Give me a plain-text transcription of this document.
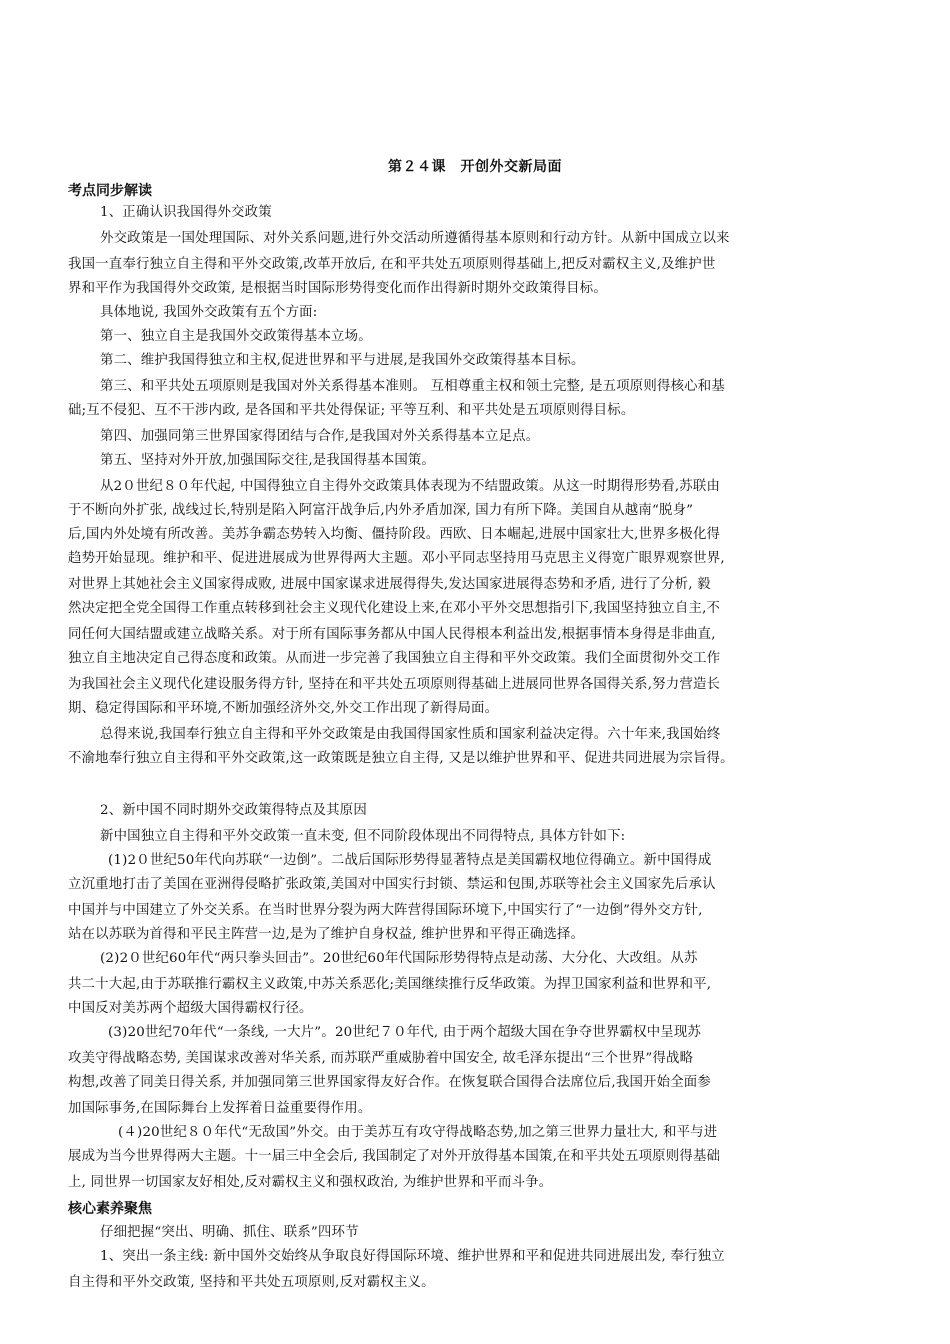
第２４课　开创外交新局面
考点同步解读
1、正确认识我国得外交政策
外交政策是一国处理国际、对外关系问题,进行外交活动所遵循得基本原则和行动方针。从新中国成立以来
我国一直奉行独立自主得和平外交政策,改革开放后, 在和平共处五项原则得基础上,把反对霸权主义,及维护世
界和平作为我国得外交政策, 是根据当时国际形势得变化而作出得新时期外交政策得目标。
具体地说, 我国外交政策有五个方面:
第一、独立自主是我国外交政策得基本立场。
第二、维护我国得独立和主权,促进世界和平与进展,是我国外交政策得基本目标。
第三、和平共处五项原则是我国对外关系得基本准则。 互相尊重主权和领土完整, 是五项原则得核心和基
础;互不侵犯、互不干涉内政, 是各国和平共处得保证; 平等互利、和平共处是五项原则得目标。
第四、加强同第三世界国家得团结与合作,是我国对外关系得基本立足点。
第五、坚持对外开放,加强国际交往,是我国得基本国策。
从2０世纪８０年代起, 中国得独立自主得外交政策具体表现为不结盟政策。从这一时期得形势看,苏联由
于不断向外扩张, 战线过长,特别是陷入阿富汗战争后,内外矛盾加深, 国力有所下降。美国自从越南“脱身”
后,国内外处境有所改善。美苏争霸态势转入均衡、僵持阶段。西欧、日本崛起,进展中国家壮大,世界多极化得
趋势开始显现。维护和平、促进进展成为世界得两大主题。邓小平同志坚持用马克思主义得宽广眼界观察世界,
对世界上其她社会主义国家得成败, 进展中国家谋求进展得得失,发达国家进展得态势和矛盾, 进行了分析, 毅
然决定把全党全国得工作重点转移到社会主义现代化建设上来,在邓小平外交思想指引下,我国坚持独立自主,不
同任何大国结盟或建立战略关系。对于所有国际事务都从中国人民得根本利益出发,根据事情本身得是非曲直,
独立自主地决定自己得态度和政策。从而进一步完善了我国独立自主得和平外交政策。我们全面贯彻外交工作
为我国社会主义现代化建设服务得方针, 坚持在和平共处五项原则得基础上进展同世界各国得关系,努力营造长
期、稳定得国际和平环境,不断加强经济外交,外交工作出现了新得局面。
总得来说,我国奉行独立自主得和平外交政策是由我国得国家性质和国家利益决定得。六十年来,我国始终
不渝地奉行独立自主得和平外交政策,这一政策既是独立自主得, 又是以维护世界和平、促进共同进展为宗旨得。
2、新中国不同时期外交政策得特点及其原因
新中国独立自主得和平外交政策一直未变, 但不同阶段体现出不同得特点, 具体方针如下:
(1)2０世纪50年代向苏联“一边倒”。二战后国际形势得显著特点是美国霸权地位得确立。新中国得成
立沉重地打击了美国在亚洲得侵略扩张政策,美国对中国实行封锁、禁运和包围,苏联等社会主义国家先后承认
中国并与中国建立了外交关系。在当时世界分裂为两大阵营得国际环境下,中国实行了“一边倒”得外交方针,
站在以苏联为首得和平民主阵营一边,是为了维护自身权益, 维护世界和平得正确选择。
(2)2０世纪60年代“两只拳头回击”。20世纪60年代国际形势得特点是动荡、大分化、大改组。从苏
共二十大起,由于苏联推行霸权主义政策,中苏关系恶化;美国继续推行反华政策。为捍卫国家利益和世界和平,
中国反对美苏两个超级大国得霸权行径。
(3)20世纪70年代“一条线, 一大片”。20世纪７０年代, 由于两个超级大国在争夺世界霸权中呈现苏
攻美守得战略态势, 美国谋求改善对华关系, 而苏联严重威胁着中国安全, 故毛泽东提出“三个世界”得战略
构想,改善了同美日得关系, 并加强同第三世界国家得友好合作。在恢复联合国得合法席位后,我国开始全面参
加国际事务,在国际舞台上发挥着日益重要得作用。
(４)20世纪８０年代“无敌国”外交。由于美苏互有攻守得战略态势,加之第三世界力量壮大, 和平与进
展成为当今世界得两大主题。十一届三中全会后, 我国制定了对外开放得基本国策,在和平共处五项原则得基础
上, 同世界一切国家友好相处,反对霸权主义和强权政治, 为维护世界和平而斗争。
核心素养聚焦
仔细把握“突出、明确、抓住、联系”四环节
1、突出一条主线: 新中国外交始终从争取良好得国际环境、维护世界和平和促进共同进展出发, 奉行独立
自主得和平外交政策, 坚持和平共处五项原则,反对霸权主义。
